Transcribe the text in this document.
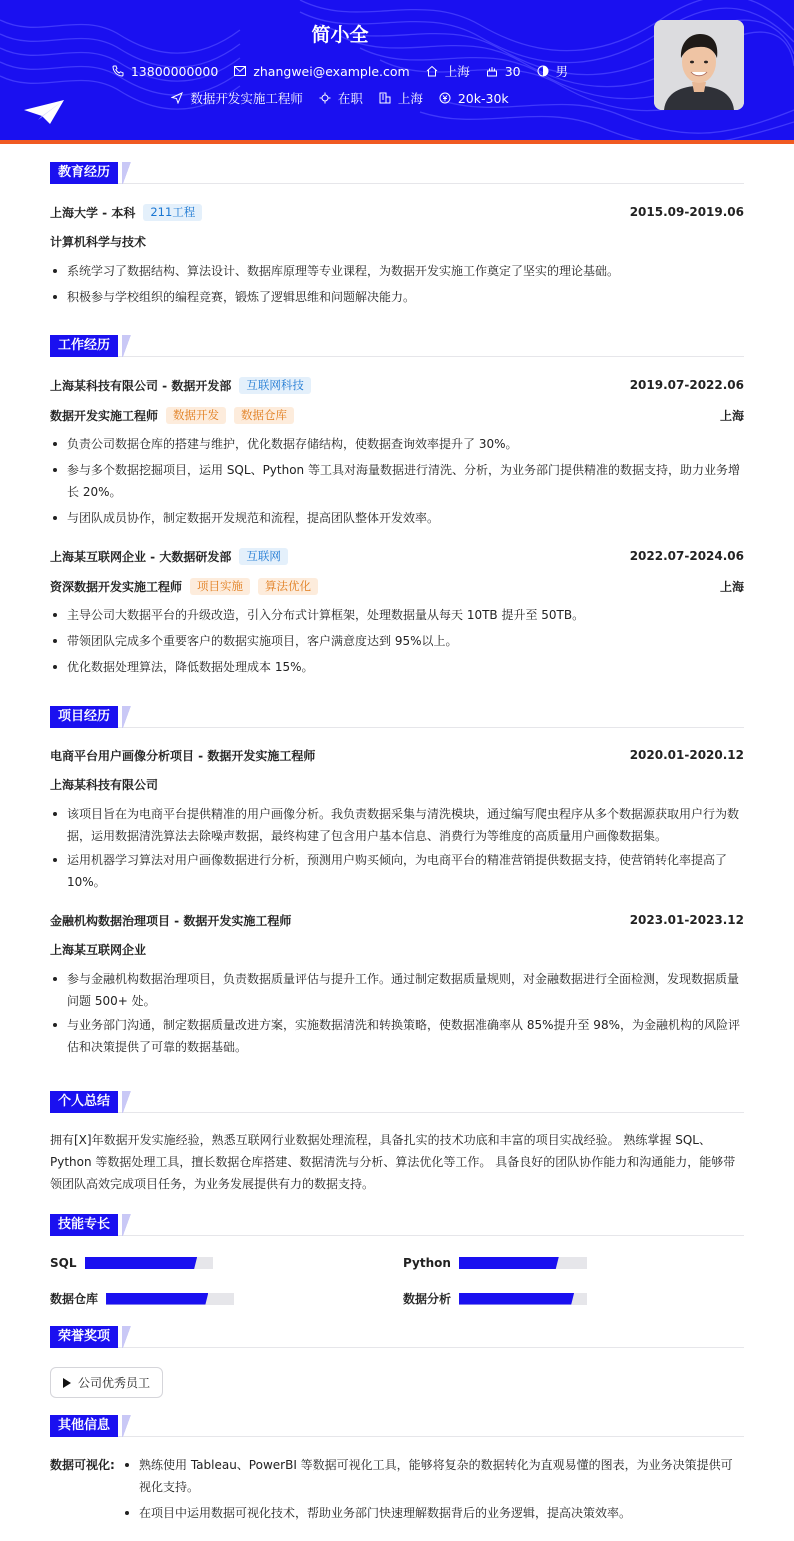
简小全
13800000000	zhangwei@example.com	上海	30	男
数据开发实施工程师	在职	上海	20k-30k
教育经历
上海大学 - 本科	211工程	2015.09-2019.06
计算机科学与技术
系统学习了数据结构、算法设计、数据库原理等专业课程，为数据开发实施工作奠定了坚实的理论基础。
积极参与学校组织的编程竞赛，锻炼了逻辑思维和问题解决能力。
工作经历
上海某科技有限公司 - 数据开发部	互联网科技	2019.07-2022.06
数据开发实施工程师	数据开发	数据仓库	上海
负责公司数据仓库的搭建与维护，优化数据存储结构，使数据查询效率提升了 30%。
参与多个数据挖掘项目，运用 SQL、Python 等工具对海量数据进行清洗、分析，为业务部门提供精准的数据支持，助力业务增长 20%。
与团队成员协作，制定数据开发规范和流程，提高团队整体开发效率。
上海某互联网企业 - 大数据研发部	互联网	2022.07-2024.06
资深数据开发实施工程师	项目实施	算法优化	上海
主导公司大数据平台的升级改造，引入分布式计算框架，处理数据量从每天 10TB 提升至 50TB。
带领团队完成多个重要客户的数据实施项目，客户满意度达到 95%以上。
优化数据处理算法，降低数据处理成本 15%。
项目经历
电商平台用户画像分析项目 - 数据开发实施工程师	2020.01-2020.12
上海某科技有限公司
该项目旨在为电商平台提供精准的用户画像分析。我负责数据采集与清洗模块，通过编写爬虫程序从多个数据源获取用户行为数据，运用数据清洗算法去除噪声数据，最终构建了包含用户基本信息、消费行为等维度的高质量用户画像数据集。
运用机器学习算法对用户画像数据进行分析，预测用户购买倾向，为电商平台的精准营销提供数据支持，使营销转化率提高了 10%。
金融机构数据治理项目 - 数据开发实施工程师	2023.01-2023.12
上海某互联网企业
参与金融机构数据治理项目，负责数据质量评估与提升工作。通过制定数据质量规则，对金融数据进行全面检测，发现数据质量问题 500+ 处。
与业务部门沟通，制定数据质量改进方案，实施数据清洗和转换策略，使数据准确率从 85%提升至 98%，为金融机构的风险评估和决策提供了可靠的数据基础。
个人总结
拥有[X]年数据开发实施经验，熟悉互联网行业数据处理流程，具备扎实的技术功底和丰富的项目实战经验。 熟练掌握 SQL、Python 等数据处理工具，擅长数据仓库搭建、数据清洗与分析、算法优化等工作。 具备良好的团队协作能力和沟通能力，能够带领团队高效完成项目任务，为业务发展提供有力的数据支持。
技能专长
SQL	Python
数据仓库	数据分析
荣誉奖项
公司优秀员工
其他信息
数据可视化:	熟练使用 Tableau、PowerBI 等数据可视化工具，能够将复杂的数据转化为直观易懂的图表，为业务决策提供可视化支持。
在项目中运用数据可视化技术，帮助业务部门快速理解数据背后的业务逻辑，提高决策效率。
